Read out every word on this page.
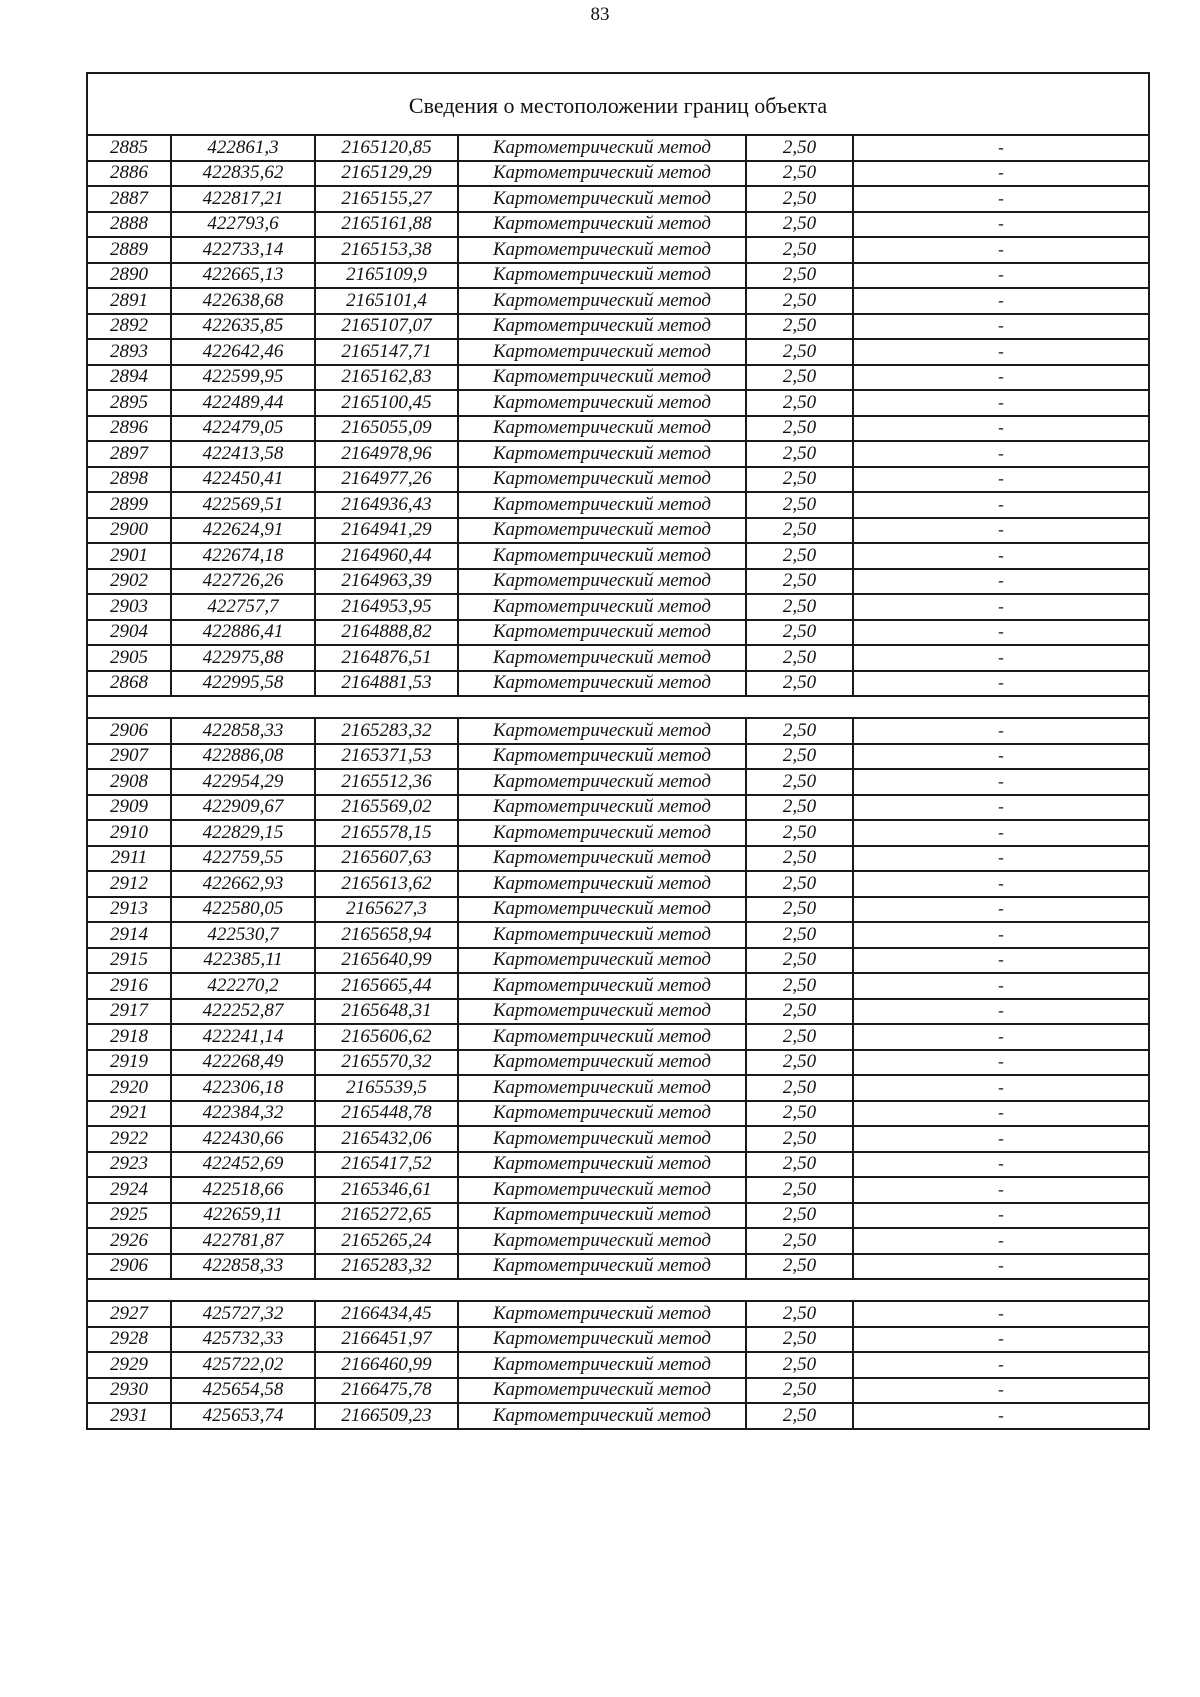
83
Сведения о местоположении границ объекта					
2885	422861,3	2165120,85	Картометрический метод	2,50	-
2886	422835,62	2165129,29	Картометрический метод	2,50	-
2887	422817,21	2165155,27	Картометрический метод	2,50	-
2888	422793,6	2165161,88	Картометрический метод	2,50	-
2889	422733,14	2165153,38	Картометрический метод	2,50	-
2890	422665,13	2165109,9	Картометрический метод	2,50	-
2891	422638,68	2165101,4	Картометрический метод	2,50	-
2892	422635,85	2165107,07	Картометрический метод	2,50	-
2893	422642,46	2165147,71	Картометрический метод	2,50	-
2894	422599,95	2165162,83	Картометрический метод	2,50	-
2895	422489,44	2165100,45	Картометрический метод	2,50	-
2896	422479,05	2165055,09	Картометрический метод	2,50	-
2897	422413,58	2164978,96	Картометрический метод	2,50	-
2898	422450,41	2164977,26	Картометрический метод	2,50	-
2899	422569,51	2164936,43	Картометрический метод	2,50	-
2900	422624,91	2164941,29	Картометрический метод	2,50	-
2901	422674,18	2164960,44	Картометрический метод	2,50	-
2902	422726,26	2164963,39	Картометрический метод	2,50	-
2903	422757,7	2164953,95	Картометрический метод	2,50	-
2904	422886,41	2164888,82	Картометрический метод	2,50	-
2905	422975,88	2164876,51	Картометрический метод	2,50	-
2868	422995,58	2164881,53	Картометрический метод	2,50	-

2906	422858,33	2165283,32	Картометрический метод	2,50	-
2907	422886,08	2165371,53	Картометрический метод	2,50	-
2908	422954,29	2165512,36	Картометрический метод	2,50	-
2909	422909,67	2165569,02	Картометрический метод	2,50	-
2910	422829,15	2165578,15	Картометрический метод	2,50	-
2911	422759,55	2165607,63	Картометрический метод	2,50	-
2912	422662,93	2165613,62	Картометрический метод	2,50	-
2913	422580,05	2165627,3	Картометрический метод	2,50	-
2914	422530,7	2165658,94	Картометрический метод	2,50	-
2915	422385,11	2165640,99	Картометрический метод	2,50	-
2916	422270,2	2165665,44	Картометрический метод	2,50	-
2917	422252,87	2165648,31	Картометрический метод	2,50	-
2918	422241,14	2165606,62	Картометрический метод	2,50	-
2919	422268,49	2165570,32	Картометрический метод	2,50	-
2920	422306,18	2165539,5	Картометрический метод	2,50	-
2921	422384,32	2165448,78	Картометрический метод	2,50	-
2922	422430,66	2165432,06	Картометрический метод	2,50	-
2923	422452,69	2165417,52	Картометрический метод	2,50	-
2924	422518,66	2165346,61	Картометрический метод	2,50	-
2925	422659,11	2165272,65	Картометрический метод	2,50	-
2926	422781,87	2165265,24	Картометрический метод	2,50	-
2906	422858,33	2165283,32	Картометрический метод	2,50	-

2927	425727,32	2166434,45	Картометрический метод	2,50	-
2928	425732,33	2166451,97	Картометрический метод	2,50	-
2929	425722,02	2166460,99	Картометрический метод	2,50	-
2930	425654,58	2166475,78	Картометрический метод	2,50	-
2931	425653,74	2166509,23	Картометрический метод	2,50	-
